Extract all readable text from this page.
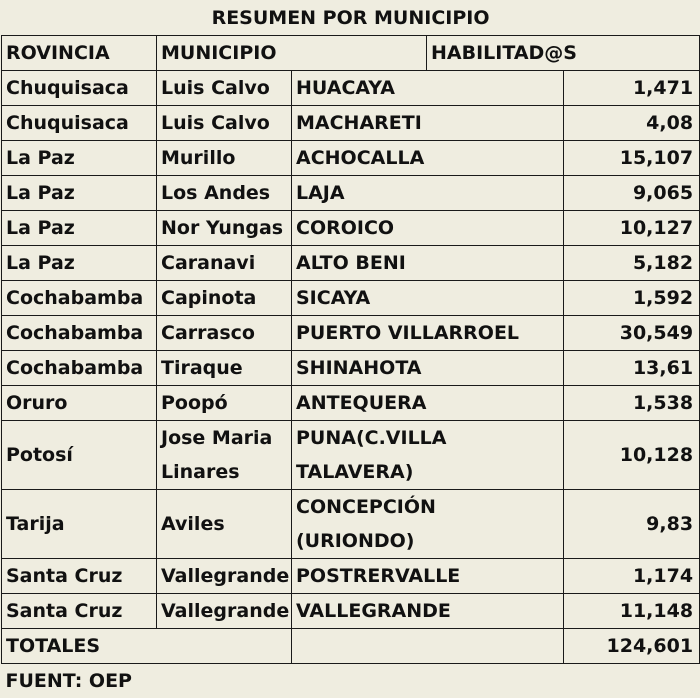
RESUMEN POR MUNICIPIO				
ROVINCIA	MUNICIPIO		HABILITAD@S	
Chuquisaca	Luis Calvo	HUACAYA		1,471
Chuquisaca	Luis Calvo	MACHARETI		4,08
La Paz	Murillo	ACHOCALLA		15,107
La Paz	Los Andes	LAJA		9,065
La Paz	Nor Yungas	COROICO		10,127
La Paz	Caranavi	ALTO BENI		5,182
Cochabamba	Capinota	SICAYA		1,592
Cochabamba	Carrasco	PUERTO VILLARROEL		30,549
Cochabamba	Tiraque	SHINAHOTA		13,61
Oruro	Poopó	ANTEQUERA		1,538
Potosí	Jose Maria Linares	PUNA(C.VILLA TALAVERA)		10,128
Tarija	Aviles	CONCEPCIÓN (URIONDO)		9,83
Santa Cruz	Vallegrande	POSTRERVALLE		1,174
Santa Cruz	Vallegrande	VALLEGRANDE		11,148
TOTALES				124,601
FUENT: OEP				
